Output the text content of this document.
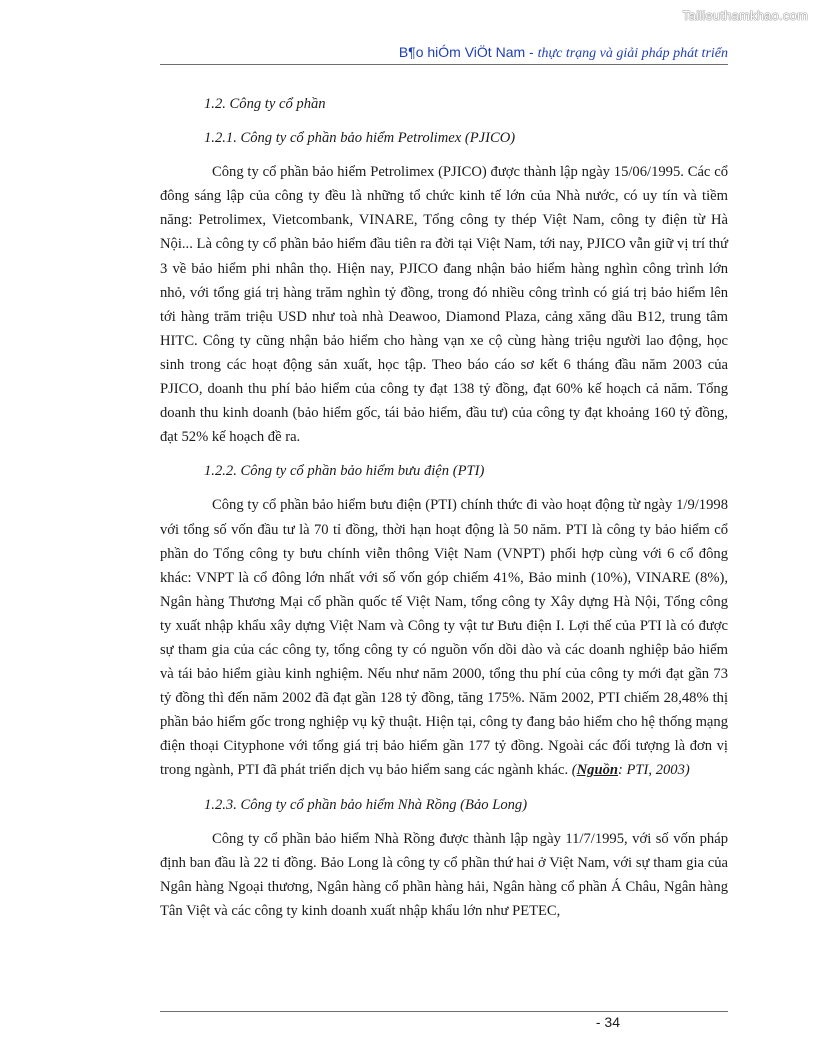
Tailieuthamkhao.com
B¶o hiÓm ViÖt Nam - thực trạng và giải pháp phát triển

1.2. Công ty cổ phần

1.2.1. Công ty cổ phần bảo hiểm Petrolimex (PJICO)

Công ty cổ phần bảo hiểm Petrolimex (PJICO) được thành lập ngày 15/06/1995. Các cổ đông sáng lập của công ty đều là những tổ chức kinh tế lớn của Nhà nước, có uy tín và tiềm năng: Petrolimex, Vietcombank, VINARE, Tổng công ty thép Việt Nam, công ty điện từ Hà Nội... Là công ty cổ phần bảo hiểm đầu tiên ra đời tại Việt Nam, tới nay, PJICO vẫn giữ vị trí thứ 3 về bảo hiểm phi nhân thọ. Hiện nay, PJICO đang nhận bảo hiểm hàng nghìn công trình lớn nhỏ, với tổng giá trị hàng trăm nghìn tỷ đồng, trong đó nhiều công trình có giá trị bảo hiểm lên tới hàng trăm triệu USD như toà nhà Deawoo, Diamond Plaza, cảng xăng dầu B12, trung tâm HITC. Công ty cũng nhận bảo hiểm cho hàng vạn xe cộ cùng hàng triệu người lao động, học sinh trong các hoạt động sản xuất, học tập. Theo báo cáo sơ kết 6 tháng đầu năm 2003 của PJICO, doanh thu phí bảo hiểm của công ty đạt 138 tỷ đồng, đạt 60% kế hoạch cả năm. Tổng doanh thu kinh doanh (bảo hiểm gốc, tái bảo hiểm, đầu tư) của công ty đạt khoảng 160 tỷ đồng, đạt 52% kế hoạch đề ra.

1.2.2. Công ty cổ phần bảo hiểm bưu điện (PTI)

Công ty cổ phần bảo hiểm bưu điện (PTI) chính thức đi vào hoạt động từ ngày 1/9/1998 với tổng số vốn đầu tư là 70 tỉ đồng, thời hạn hoạt động là 50 năm. PTI là công ty bảo hiểm cổ phần do Tổng công ty bưu chính viễn thông Việt Nam (VNPT) phối hợp cùng với 6 cổ đông khác: VNPT là cổ đông lớn nhất với số vốn góp chiếm 41%, Bảo minh (10%), VINARE (8%), Ngân hàng Thương Mại cổ phần quốc tế Việt Nam, tổng công ty Xây dựng Hà Nội, Tổng công ty xuất nhập khẩu xây dựng Việt Nam và Công ty vật tư Bưu điện I. Lợi thế của PTI là có được sự tham gia của các công ty, tổng công ty có nguồn vốn dồi dào và các doanh nghiệp bảo hiểm và tái bảo hiểm giàu kinh nghiệm. Nếu như năm 2000, tổng thu phí của công ty mới đạt gần 73 tỷ đồng thì đến năm 2002 đã đạt gần 128 tỷ đồng, tăng 175%. Năm 2002, PTI chiếm 28,48% thị phần bảo hiểm gốc trong nghiệp vụ kỹ thuật. Hiện tại, công ty đang bảo hiểm cho hệ thống mạng điện thoại Cityphone với tổng giá trị bảo hiểm gần 177 tỷ đồng. Ngoài các đối tượng là đơn vị trong ngành, PTI đã phát triển dịch vụ bảo hiểm sang các ngành khác. (Nguồn: PTI, 2003)

1.2.3. Công ty cổ phần bảo hiểm Nhà Rồng (Bảo Long)

Công ty cổ phần bảo hiểm Nhà Rồng được thành lập ngày 11/7/1995, với số vốn pháp định ban đầu là 22 tỉ đồng. Bảo Long là công ty cổ phần thứ hai ở Việt Nam, với sự tham gia của Ngân hàng Ngoại thương, Ngân hàng cổ phần hàng hải, Ngân hàng cổ phần Á Châu, Ngân hàng Tân Việt và các công ty kinh doanh xuất nhập khẩu lớn như PETEC,

- 34
